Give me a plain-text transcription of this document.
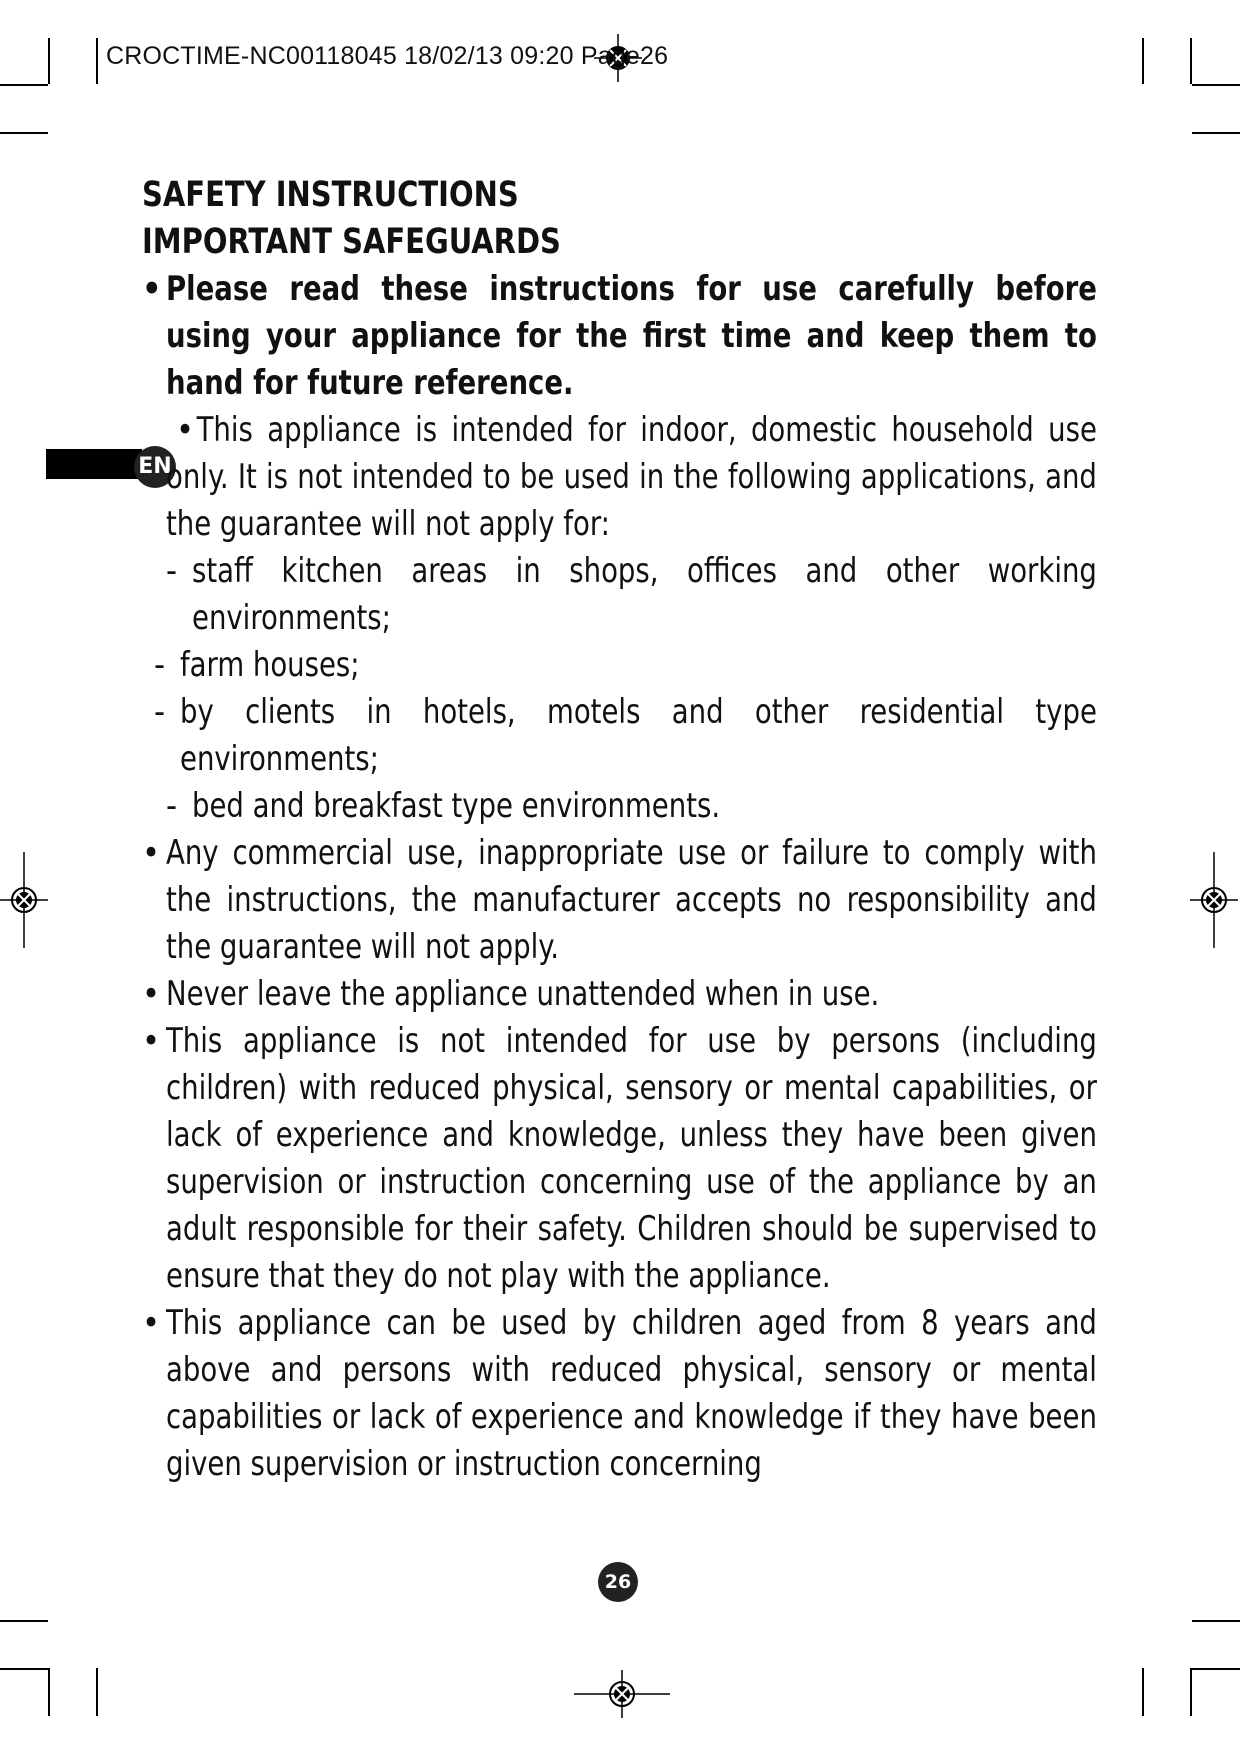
CROCTIME-NC00118045 18/02/13 09:20 Page26
EN
SAFETY INSTRUCTIONS
IMPORTANT SAFEGUARDS
• Please read these instructions for use carefully before using your appliance for the first time and keep them to hand for future reference.
This appliance is intended for indoor, domestic household use only. It is not intended to be used in the following applications, and the guarantee will not apply for:
•
- staff kitchen areas in shops, offices and other working environments;
- farm houses;
- by clients in hotels, motels and other residential type environments;
- bed and breakfast type environments.
• Any commercial use, inappropriate use or failure to comply with the instructions, the manufacturer accepts no responsibility and the guarantee will not apply.
• Never leave the appliance unattended when in use.
• This appliance is not intended for use by persons (including children) with reduced physical, sensory or mental capabilities, or lack of experience and knowledge, unless they have been given supervision or instruction concerning use of the appliance by an adult responsible for their safety. Children should be supervised to ensure that they do not play with the appliance.
• This appliance can be used by children aged from 8 years and above and persons with reduced physical, sensory or mental capabilities or lack of experience and knowledge if they have been given supervision or instruction concerning
26
